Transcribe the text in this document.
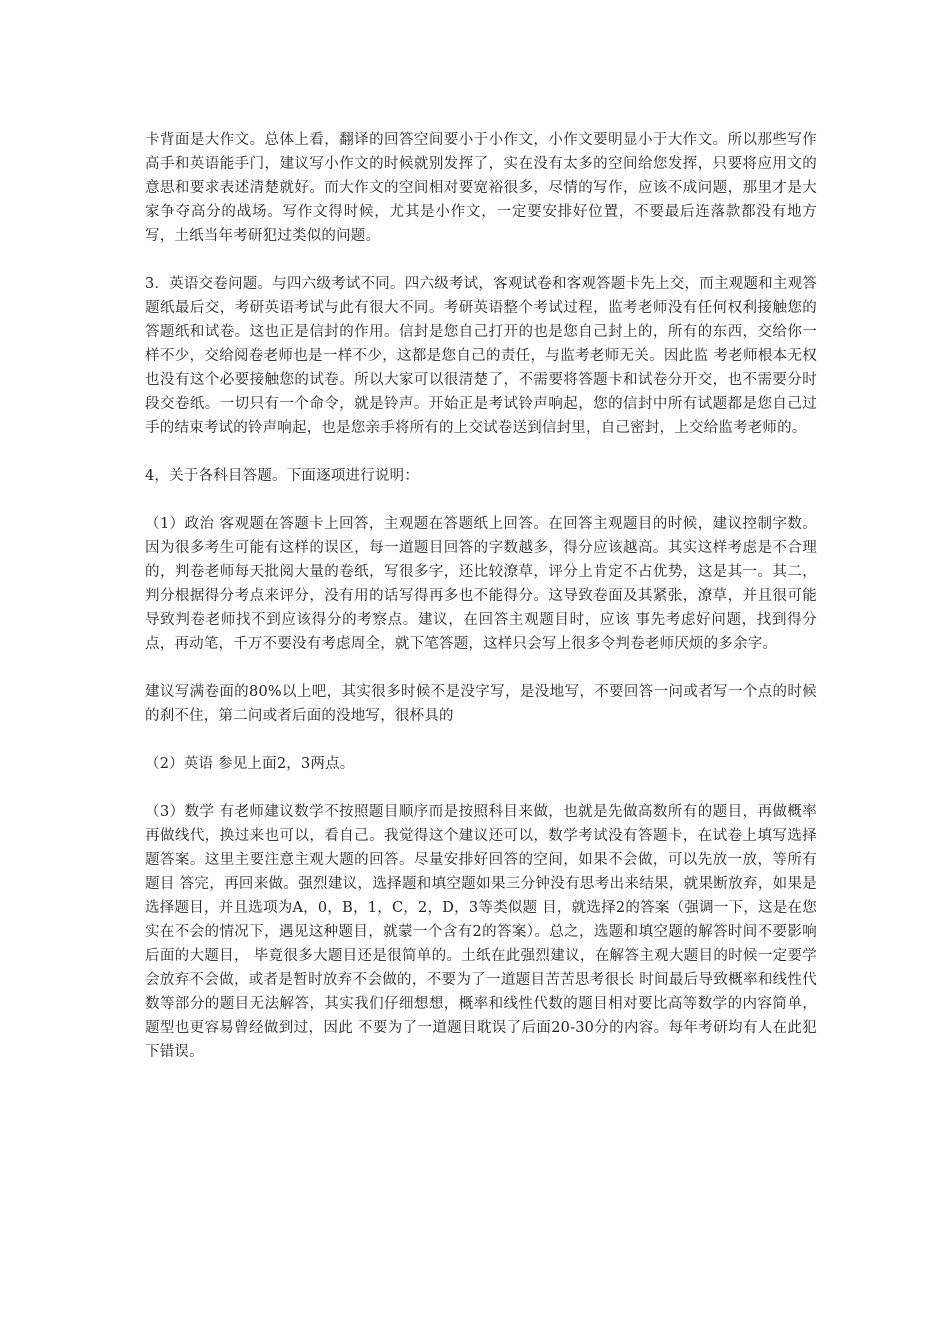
卡背面是大作文。总体上看，翻译的回答空间要小于小作文，小作文要明显小于大作文。所以那些写作高手和英语能手门，建议写小作文的时候就别发挥了，实在没有太多的空间给您发挥，只要将应用文的意思和要求表述清楚就好。而大作文的空间相对要宽裕很多，尽情的写作，应该不成问题，那里才是大家争夺高分的战场。写作文得时候，尤其是小作文，一定要安排好位置，不要最后连落款都没有地方写，土纸当年考研犯过类似的问题。

3．英语交卷问题。与四六级考试不同。四六级考试，客观试卷和客观答题卡先上交，而主观题和主观答题纸最后交，考研英语考试与此有很大不同。考研英语整个考试过程，监考老师没有任何权利接触您的答题纸和试卷。这也正是信封的作用。信封是您自己打开的也是您自己封上的，所有的东西，交给你一样不少，交给阅卷老师也是一样不少，这都是您自己的责任，与监考老师无关。因此监 考老师根本无权也没有这个必要接触您的试卷。所以大家可以很清楚了，不需要将答题卡和试卷分开交，也不需要分时段交卷纸。一切只有一个命令，就是铃声。开始正是考试铃声响起，您的信封中所有试题都是您自己过手的结束考试的铃声响起，也是您亲手将所有的上交试卷送到信封里，自己密封，上交给监考老师的。

4，关于各科目答题。下面逐项进行说明：

（1）政治 客观题在答题卡上回答，主观题在答题纸上回答。在回答主观题目的时候，建议控制字数。因为很多考生可能有这样的误区，每一道题目回答的字数越多，得分应该越高。其实这样考虑是不合理的，判卷老师每天批阅大量的卷纸，写很多字，还比较潦草，评分上肯定不占优势，这是其一。其二，判分根据得分考点来评分，没有用的话写得再多也不能得分。这导致卷面及其紧张，潦草，并且很可能导致判卷老师找不到应该得分的考察点。建议，在回答主观题目时，应该 事先考虑好问题，找到得分点，再动笔，千万不要没有考虑周全，就下笔答题，这样只会写上很多令判卷老师厌烦的多余字。

建议写满卷面的80%以上吧，其实很多时候不是没字写，是没地写，不要回答一问或者写一个点的时候的刹不住，第二问或者后面的没地写，很杯具的

（2）英语 参见上面2，3两点。

（3）数学 有老师建议数学不按照题目顺序而是按照科目来做，也就是先做高数所有的题目，再做概率再做线代，换过来也可以，看自己。我觉得这个建议还可以，数学考试没有答题卡，在试卷上填写选择题答案。这里主要注意主观大题的回答。尽量安排好回答的空间，如果不会做，可以先放一放，等所有题目 答完，再回来做。强烈建议，选择题和填空题如果三分钟没有思考出来结果，就果断放弃，如果是选择题目，并且选项为A，0，B，1，C，2，D，3等类似题 目，就选择2的答案（强调一下，这是在您实在不会的情况下，遇见这种题目，就蒙一个含有2的答案）。总之，选题和填空题的解答时间不要影响后面的大题目， 毕竟很多大题目还是很简单的。土纸在此强烈建议，在解答主观大题目的时候一定要学会放弃不会做，或者是暂时放弃不会做的，不要为了一道题目苦苦思考很长 时间最后导致概率和线性代数等部分的题目无法解答，其实我们仔细想想，概率和线性代数的题目相对要比高等数学的内容简单，题型也更容易曾经做到过，因此 不要为了一道题目耽误了后面20-30分的内容。每年考研均有人在此犯下错误。
